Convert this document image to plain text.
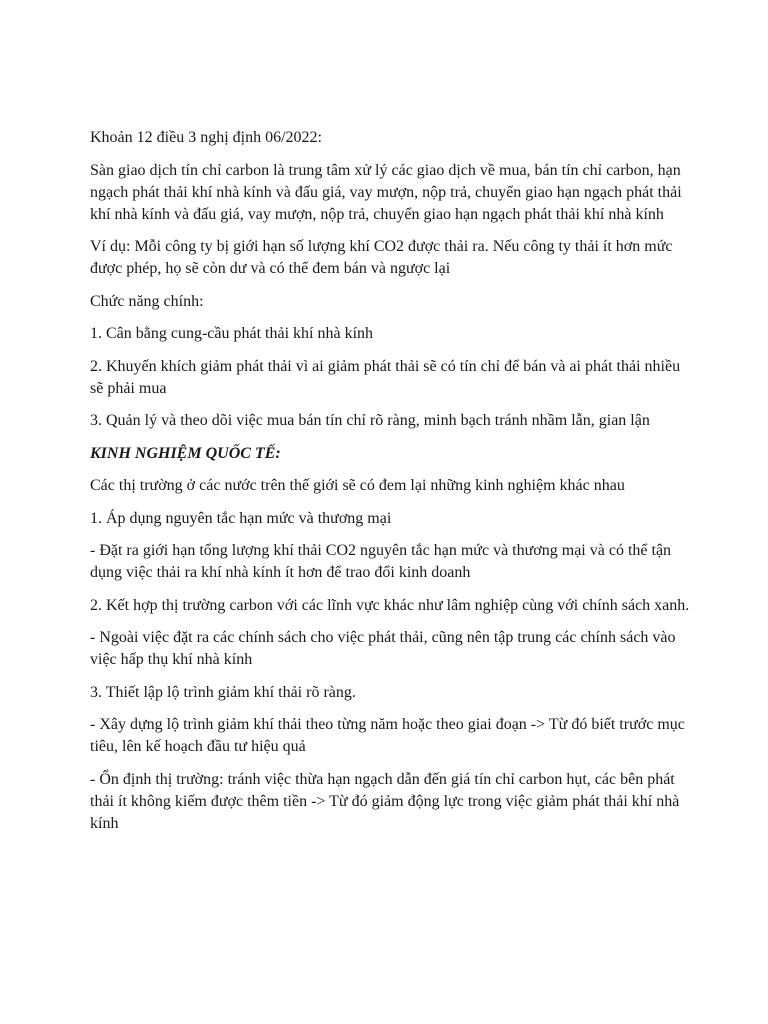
Khoản 12 điều 3 nghị định 06/2022:

Sàn giao dịch tín chỉ carbon là trung tâm xử lý các giao dịch về mua, bán tín chỉ carbon, hạn ngạch phát thải khí nhà kính và đấu giá, vay mượn, nộp trả, chuyển giao hạn ngạch phát thải khí nhà kính và đấu giá, vay mượn, nộp trả, chuyển giao hạn ngạch phát thải khí nhà kính

Ví dụ: Mỗi công ty bị giới hạn số lượng khí CO2 được thải ra. Nếu công ty thải ít hơn mức được phép, họ sẽ còn dư và có thể đem bán và ngược lại

Chức năng chính:

1. Cân bằng cung-cầu phát thải khí nhà kính

2. Khuyến khích giảm phát thải vì ai giảm phát thải sẽ có tín chỉ để bán và ai phát thải nhiều sẽ phải mua

3. Quản lý và theo dõi việc mua bán tín chỉ rõ ràng, minh bạch tránh nhầm lẫn, gian lận

KINH NGHIỆM QUỐC TẾ:

Các thị trường ở các nước trên thế giới sẽ có đem lại những kinh nghiệm khác nhau

1. Áp dụng nguyên tắc hạn mức và thương mại

- Đặt ra giới hạn tổng lượng khí thải CO2 nguyên tắc hạn mức và thương mại và có thể tận dụng việc thải ra khí nhà kính ít hơn để trao đổi kinh doanh

2. Kết hợp thị trường carbon với các lĩnh vực khác như lâm nghiệp cùng với chính sách xanh.

- Ngoài việc đặt ra các chính sách cho việc phát thải, cũng nên tập trung các chính sách vào việc hấp thụ khí nhà kính

3. Thiết lập lộ trình giảm khí thải rõ ràng.

- Xây dựng lộ trình giảm khí thải theo từng năm hoặc theo giai đoạn -> Từ đó biết trước mục tiêu, lên kế hoạch đầu tư hiệu quả

- Ổn định thị trường: tránh việc thừa hạn ngạch dẫn đến giá tín chỉ carbon hụt, các bên phát thải ít không kiếm được thêm tiền -> Từ đó giảm động lực trong việc giảm phát thải khí nhà kính
